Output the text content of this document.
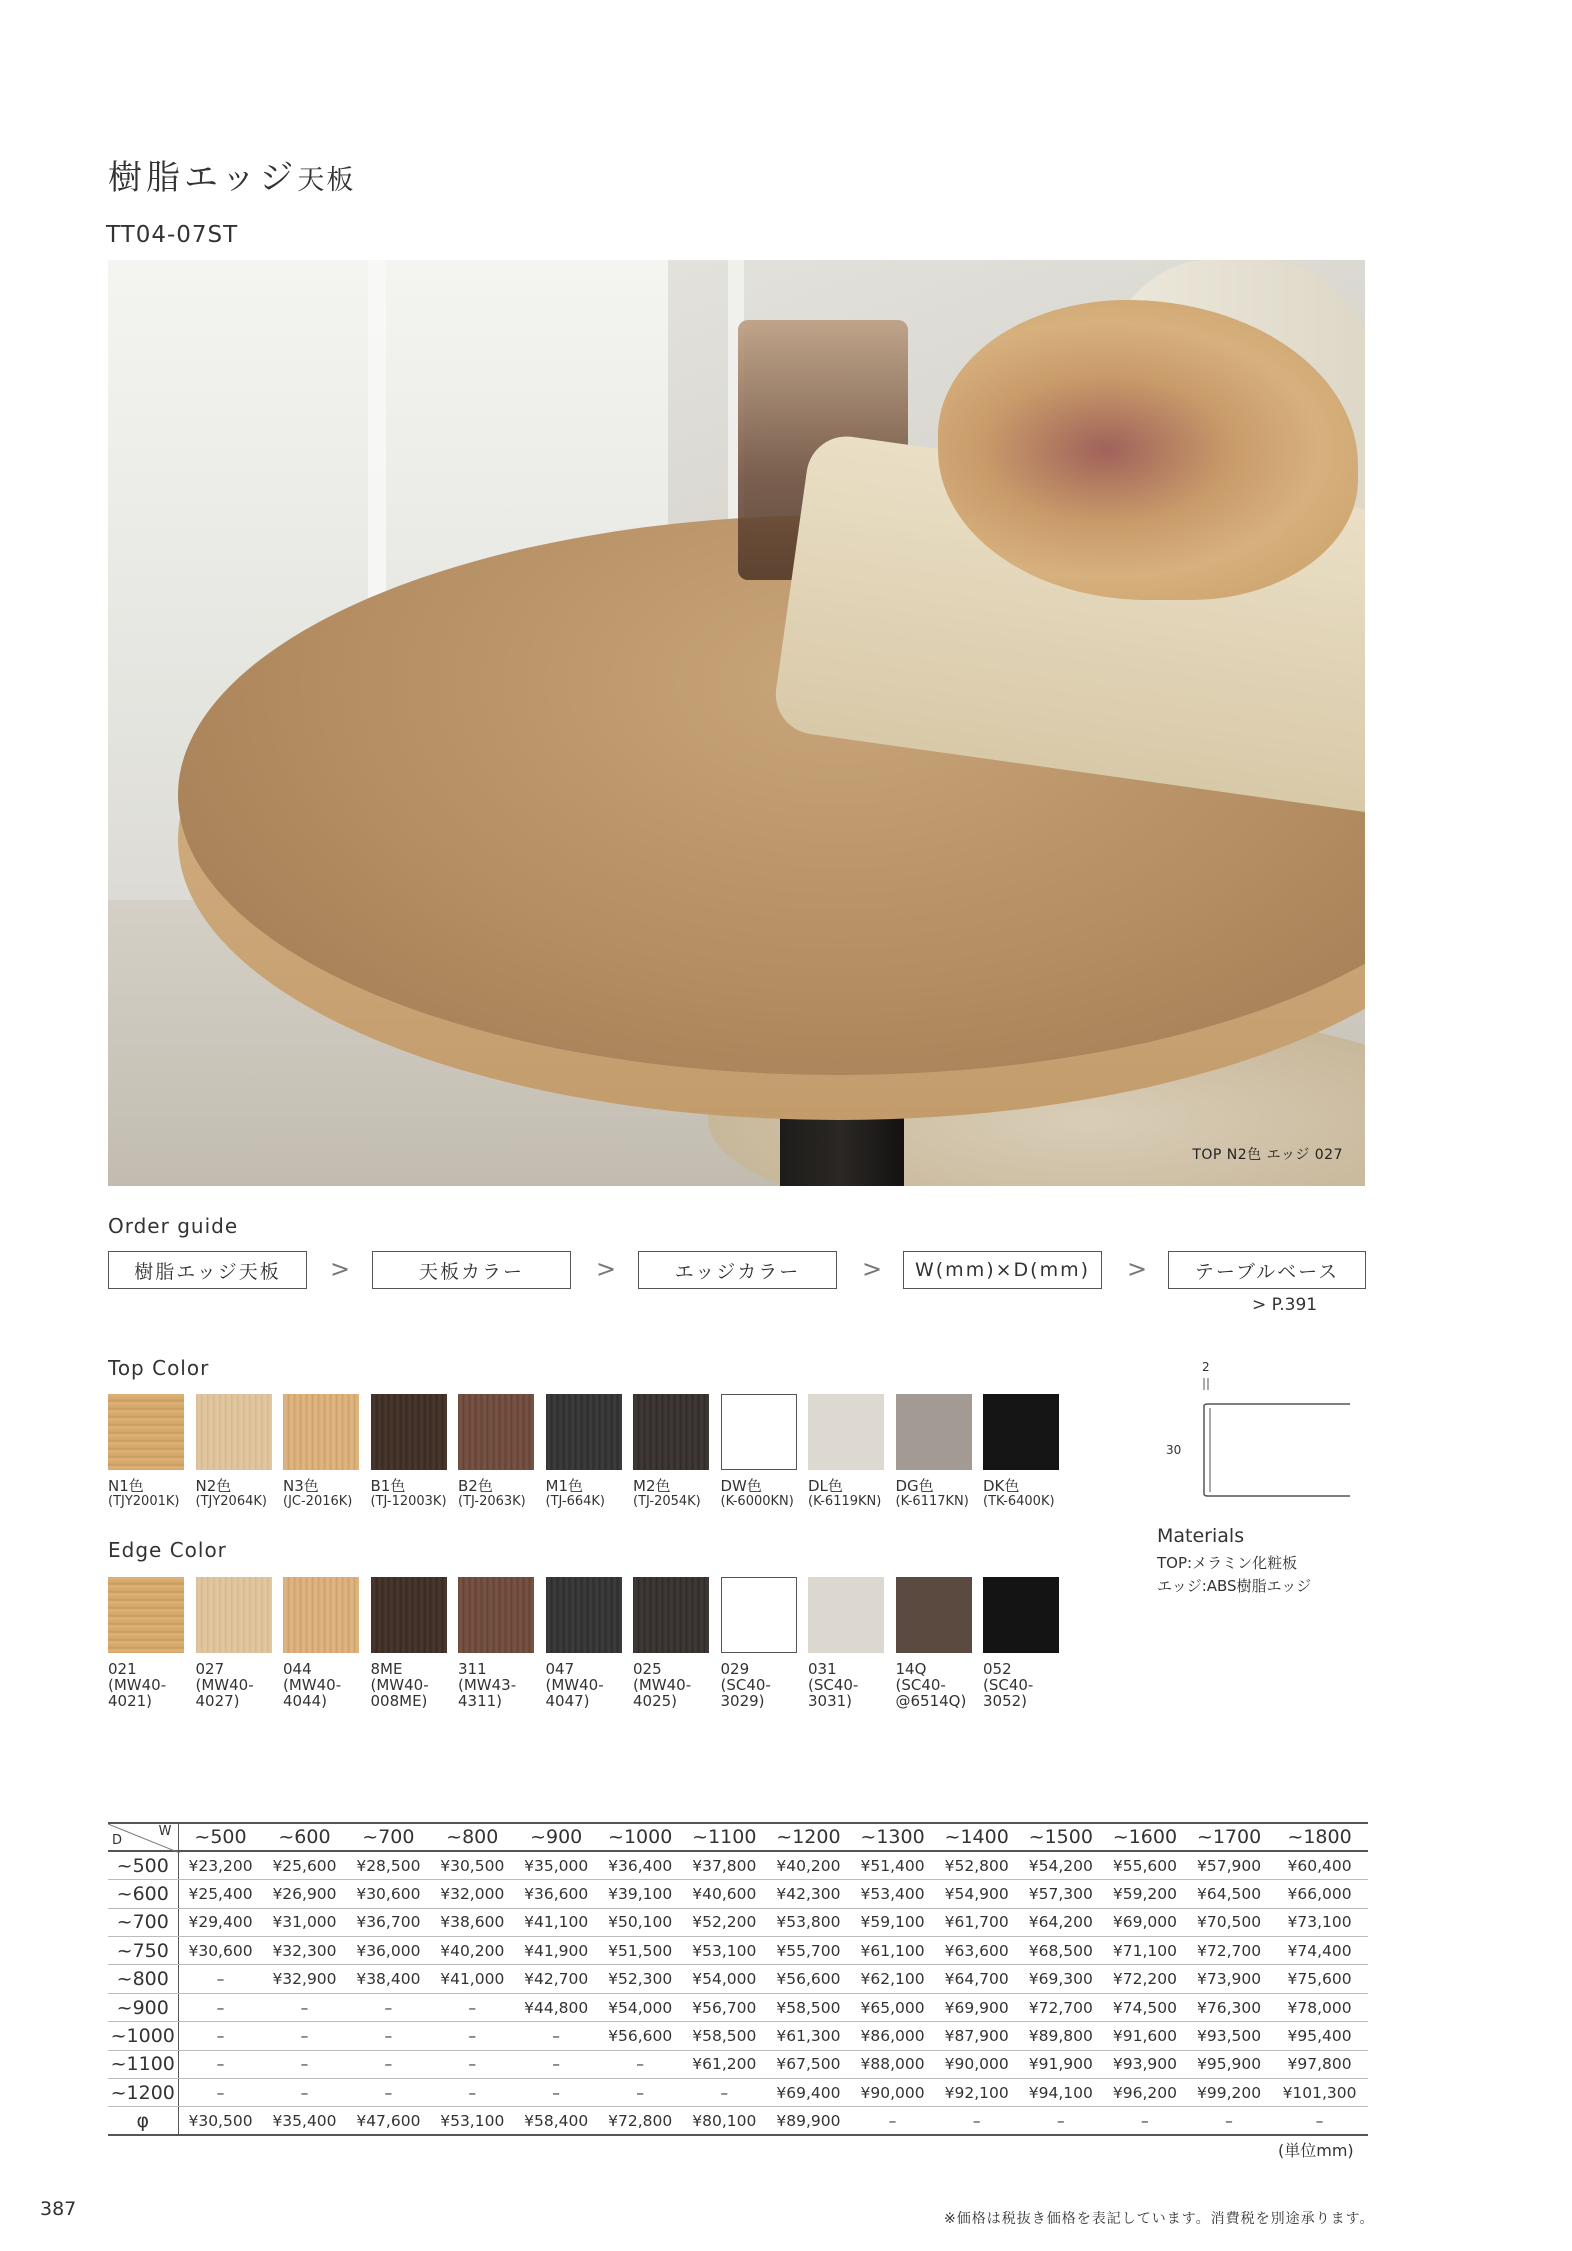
樹脂エッジ天板
TT04-07ST
TOP N2色 エッジ 027
Order guide
樹脂エッジ天板	>	天板カラー	>	エッジカラー	>	W(mm)×D(mm)	>	テーブルベース
> P.391
Top Color
N1色
(TJY2001K)
N2色
(TJY2064K)
N3色
(JC-2016K)
B1色
(TJ-12003K)
B2色
(TJ-2063K)
M1色
(TJ-664K)
M2色
(TJ-2054K)
DW色
(K-6000KN)
DL色
(K-6119KN)
DG色
(K-6117KN)
DK色
(TK-6400K)
Edge Color
021
(MW40-
4021)
027
(MW40-
4027)
044
(MW40-
4044)
8ME
(MW40-
008ME)
311
(MW43-
4311)
047
(MW40-
4047)
025
(MW40-
4025)
029
(SC40-
3029)
031
(SC40-
3031)
14Q
(SC40-
@6514Q)
052
(SC40-
3052)
2
30
Materials
TOP:メラミン化粧板
エッジ:ABS樹脂エッジ
W
D	~500	~600	~700	~800	~900	~1000	~1100	~1200	~1300	~1400	~1500	~1600	~1700	~1800
~500	¥23,200	¥25,600	¥28,500	¥30,500	¥35,000	¥36,400	¥37,800	¥40,200	¥51,400	¥52,800	¥54,200	¥55,600	¥57,900	¥60,400
~600	¥25,400	¥26,900	¥30,600	¥32,000	¥36,600	¥39,100	¥40,600	¥42,300	¥53,400	¥54,900	¥57,300	¥59,200	¥64,500	¥66,000
~700	¥29,400	¥31,000	¥36,700	¥38,600	¥41,100	¥50,100	¥52,200	¥53,800	¥59,100	¥61,700	¥64,200	¥69,000	¥70,500	¥73,100
~750	¥30,600	¥32,300	¥36,000	¥40,200	¥41,900	¥51,500	¥53,100	¥55,700	¥61,100	¥63,600	¥68,500	¥71,100	¥72,700	¥74,400
~800	–	¥32,900	¥38,400	¥41,000	¥42,700	¥52,300	¥54,000	¥56,600	¥62,100	¥64,700	¥69,300	¥72,200	¥73,900	¥75,600
~900	–	–	–	–	¥44,800	¥54,000	¥56,700	¥58,500	¥65,000	¥69,900	¥72,700	¥74,500	¥76,300	¥78,000
~1000	–	–	–	–	–	¥56,600	¥58,500	¥61,300	¥86,000	¥87,900	¥89,800	¥91,600	¥93,500	¥95,400
~1100	–	–	–	–	–	–	¥61,200	¥67,500	¥88,000	¥90,000	¥91,900	¥93,900	¥95,900	¥97,800
~1200	–	–	–	–	–	–	–	¥69,400	¥90,000	¥92,100	¥94,100	¥96,200	¥99,200	¥101,300
φ	¥30,500	¥35,400	¥47,600	¥53,100	¥58,400	¥72,800	¥80,100	¥89,900	–	–	–	–	–	–
(単位mm)
387	※価格は税抜き価格を表記しています。消費税を別途承ります。
